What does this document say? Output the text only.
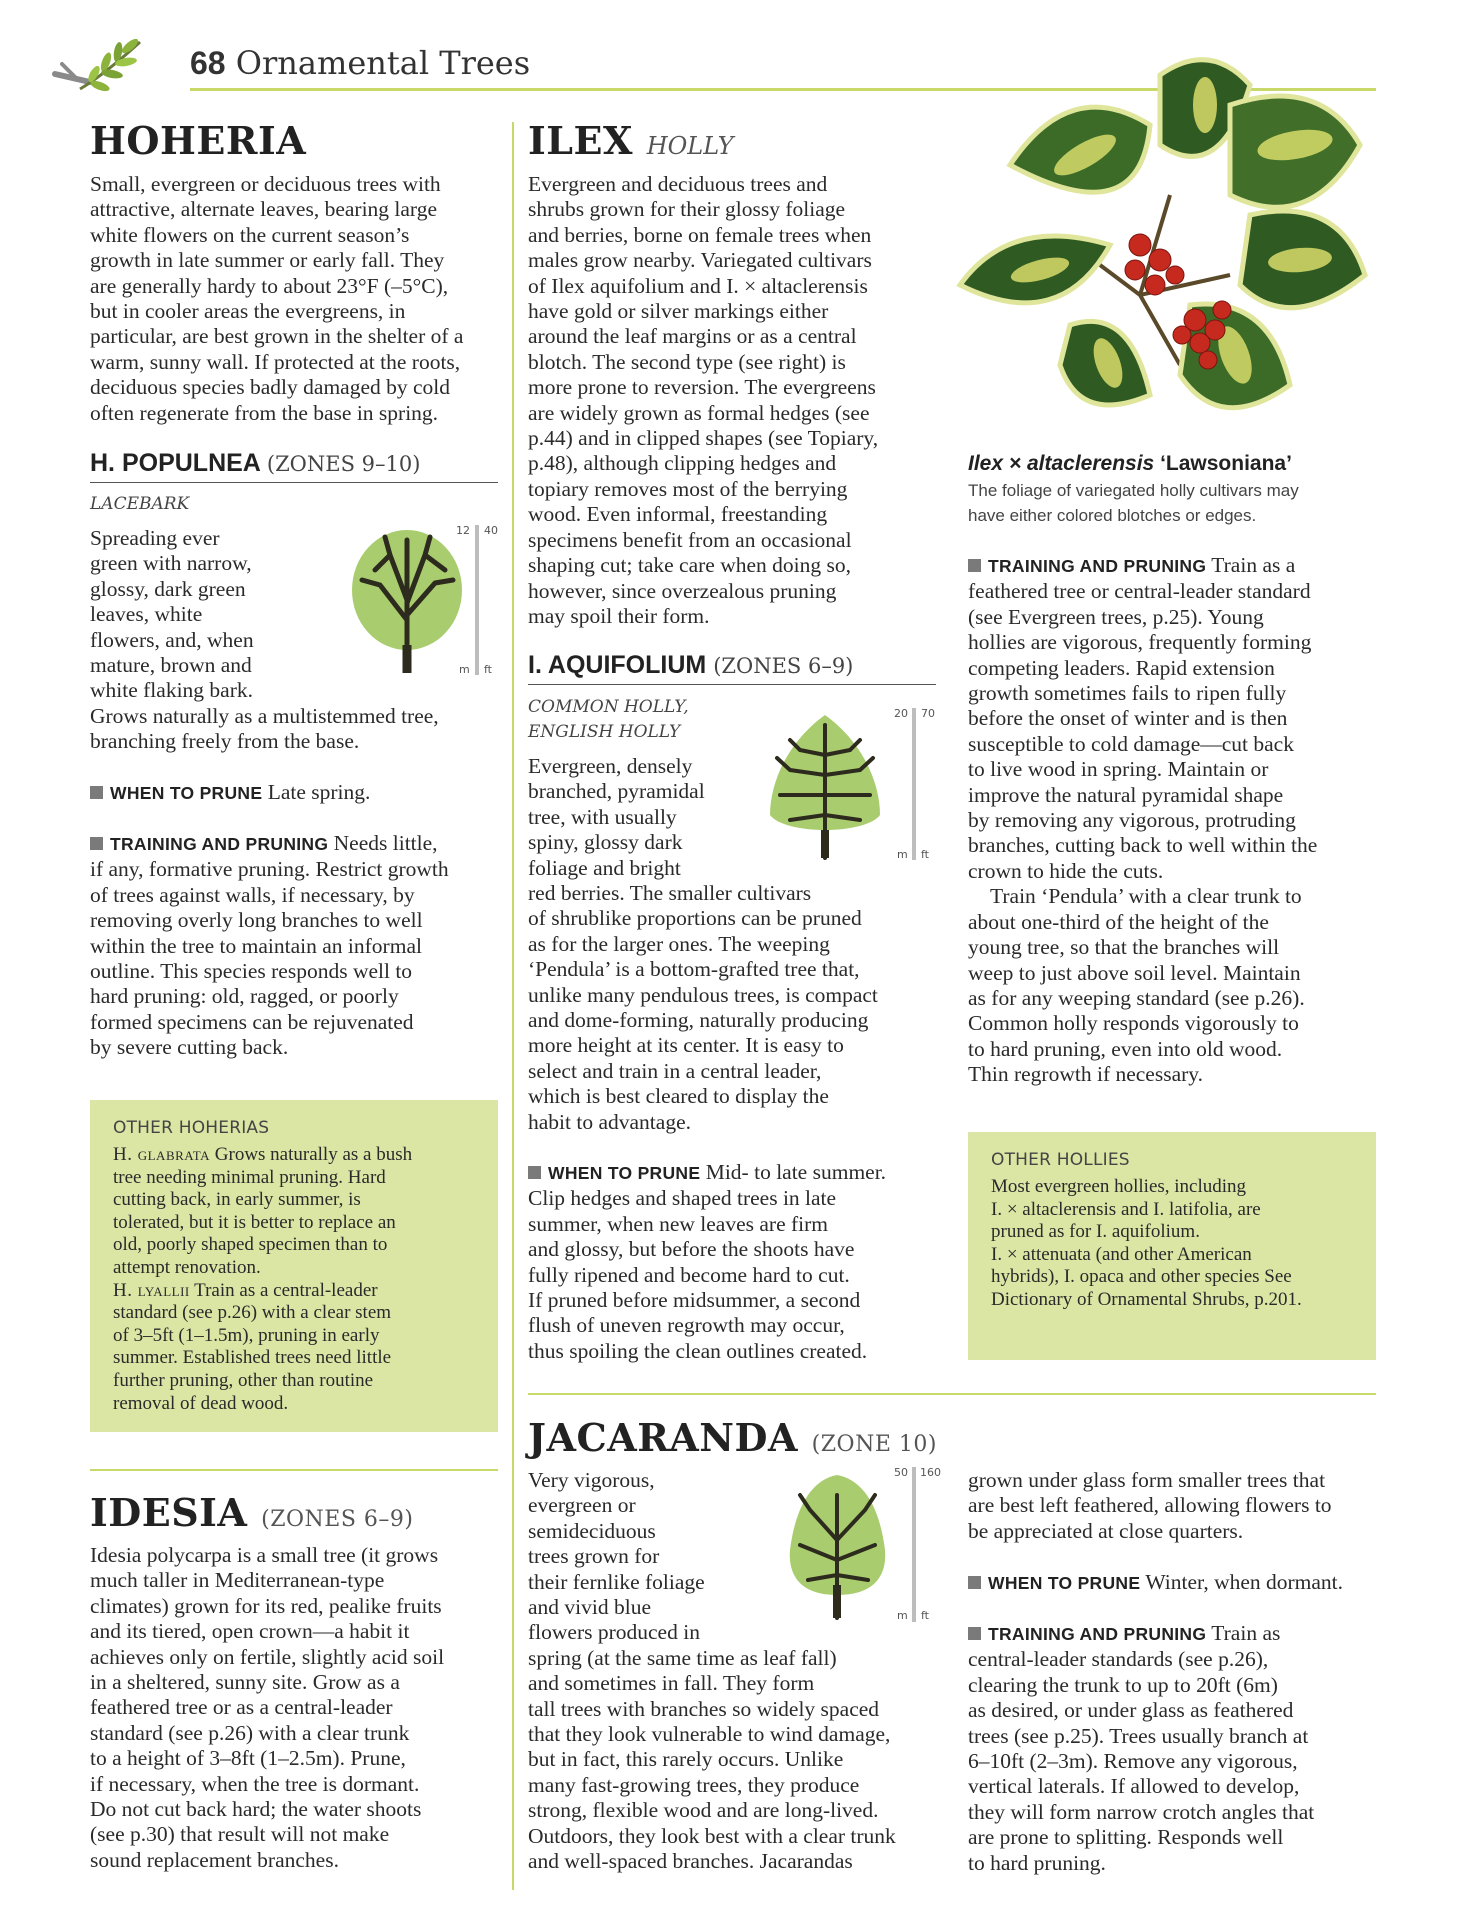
68 Ornamental Trees
HOHERIA
Small, evergreen or deciduous trees with
attractive, alternate leaves, bearing large
white flowers on the current season’s
growth in late summer or early fall. They
are generally hardy to about 23°F (–5°C),
but in cooler areas the evergreens, in
particular, are best grown in the shelter of a
warm, sunny wall. If protected at the roots,
deciduous species badly damaged by cold
often regenerate from the base in spring.
H. POPULNEA (ZONES 9–10)
LACEBARK
12 40
m ft
Spreading ever
green with narrow,
glossy, dark green
leaves, white
flowers, and, when
mature, brown and
white flaking bark.
Grows naturally as a multistemmed tree,
branching freely from the base.
WHEN TO PRUNE Late spring.
TRAINING AND PRUNING Needs little,
if any, formative pruning. Restrict growth
of trees against walls, if necessary, by
removing overly long branches to well
within the tree to maintain an informal
outline. This species responds well to
hard pruning: old, ragged, or poorly
formed specimens can be rejuvenated
by severe cutting back.
OTHER HOHERIAS
H. glabrata Grows naturally as a bush
tree needing minimal pruning. Hard
cutting back, in early summer, is
tolerated, but it is better to replace an
old, poorly shaped specimen than to
attempt renovation.
H. lyallii Train as a central-leader
standard (see p.26) with a clear stem
of 3–5ft (1–1.5m), pruning in early
summer. Established trees need little
further pruning, other than routine
removal of dead wood.
IDESIA (ZONES 6–9)
Idesia polycarpa is a small tree (it grows
much taller in Mediterranean-type
climates) grown for its red, pealike fruits
and its tiered, open crown—a habit it
achieves only on fertile, slightly acid soil
in a sheltered, sunny site. Grow as a
feathered tree or as a central-leader
standard (see p.26) with a clear trunk
to a height of 3–8ft (1–2.5m). Prune,
if necessary, when the tree is dormant.
Do not cut back hard; the water shoots
(see p.30) that result will not make
sound replacement branches.
ILEX HOLLY
Evergreen and deciduous trees and
shrubs grown for their glossy foliage
and berries, borne on female trees when
males grow nearby. Variegated cultivars
of Ilex aquifolium and I. × altaclerensis
have gold or silver markings either
around the leaf margins or as a central
blotch. The second type (see right) is
more prone to reversion. The evergreens
are widely grown as formal hedges (see
p.44) and in clipped shapes (see Topiary,
p.48), although clipping hedges and
topiary removes most of the berrying
wood. Even informal, freestanding
specimens benefit from an occasional
shaping cut; take care when doing so,
however, since overzealous pruning
may spoil their form.
I. AQUIFOLIUM (ZONES 6–9)
COMMON HOLLY,
ENGLISH HOLLY
20 70
m ft
Evergreen, densely
branched, pyramidal
tree, with usually
spiny, glossy dark
foliage and bright
red berries. The smaller cultivars
of shrublike proportions can be pruned
as for the larger ones. The weeping
‘Pendula’ is a bottom-grafted tree that,
unlike many pendulous trees, is compact
and dome-forming, naturally producing
more height at its center. It is easy to
select and train in a central leader,
which is best cleared to display the
habit to advantage.
WHEN TO PRUNE Mid- to late summer.
Clip hedges and shaped trees in late
summer, when new leaves are firm
and glossy, but before the shoots have
fully ripened and become hard to cut.
If pruned before midsummer, a second
flush of uneven regrowth may occur,
thus spoiling the clean outlines created.
Ilex × altaclerensis ‘Lawsoniana’
The foliage of variegated holly cultivars may
have either colored blotches or edges.
TRAINING AND PRUNING Train as a
feathered tree or central-leader standard
(see Evergreen trees, p.25). Young
hollies are vigorous, frequently forming
competing leaders. Rapid extension
growth sometimes fails to ripen fully
before the onset of winter and is then
susceptible to cold damage—cut back
to live wood in spring. Maintain or
improve the natural pyramidal shape
by removing any vigorous, protruding
branches, cutting back to well within the
crown to hide the cuts.
Train ‘Pendula’ with a clear trunk to
about one-third of the height of the
young tree, so that the branches will
weep to just above soil level. Maintain
as for any weeping standard (see p.26).
Common holly responds vigorously to
to hard pruning, even into old wood.
Thin regrowth if necessary.
OTHER HOLLIES
Most evergreen hollies, including
I. × altaclerensis and I. latifolia, are
pruned as for I. aquifolium.
I. × attenuata (and other American
hybrids), I. opaca and other species See
Dictionary of Ornamental Shrubs, p.201.
JACARANDA (ZONE 10)
50 160
m ft
Very vigorous,
evergreen or
semideciduous
trees grown for
their fernlike foliage
and vivid blue
flowers produced in
spring (at the same time as leaf fall)
and sometimes in fall. They form
tall trees with branches so widely spaced
that they look vulnerable to wind damage,
but in fact, this rarely occurs. Unlike
many fast-growing trees, they produce
strong, flexible wood and are long-lived.
Outdoors, they look best with a clear trunk
and well-spaced branches. Jacarandas
grown under glass form smaller trees that
are best left feathered, allowing flowers to
be appreciated at close quarters.
WHEN TO PRUNE Winter, when dormant.
TRAINING AND PRUNING Train as
central-leader standards (see p.26),
clearing the trunk to up to 20ft (6m)
as desired, or under glass as feathered
trees (see p.25). Trees usually branch at
6–10ft (2–3m). Remove any vigorous,
vertical laterals. If allowed to develop,
they will form narrow crotch angles that
are prone to splitting. Responds well
to hard pruning.
